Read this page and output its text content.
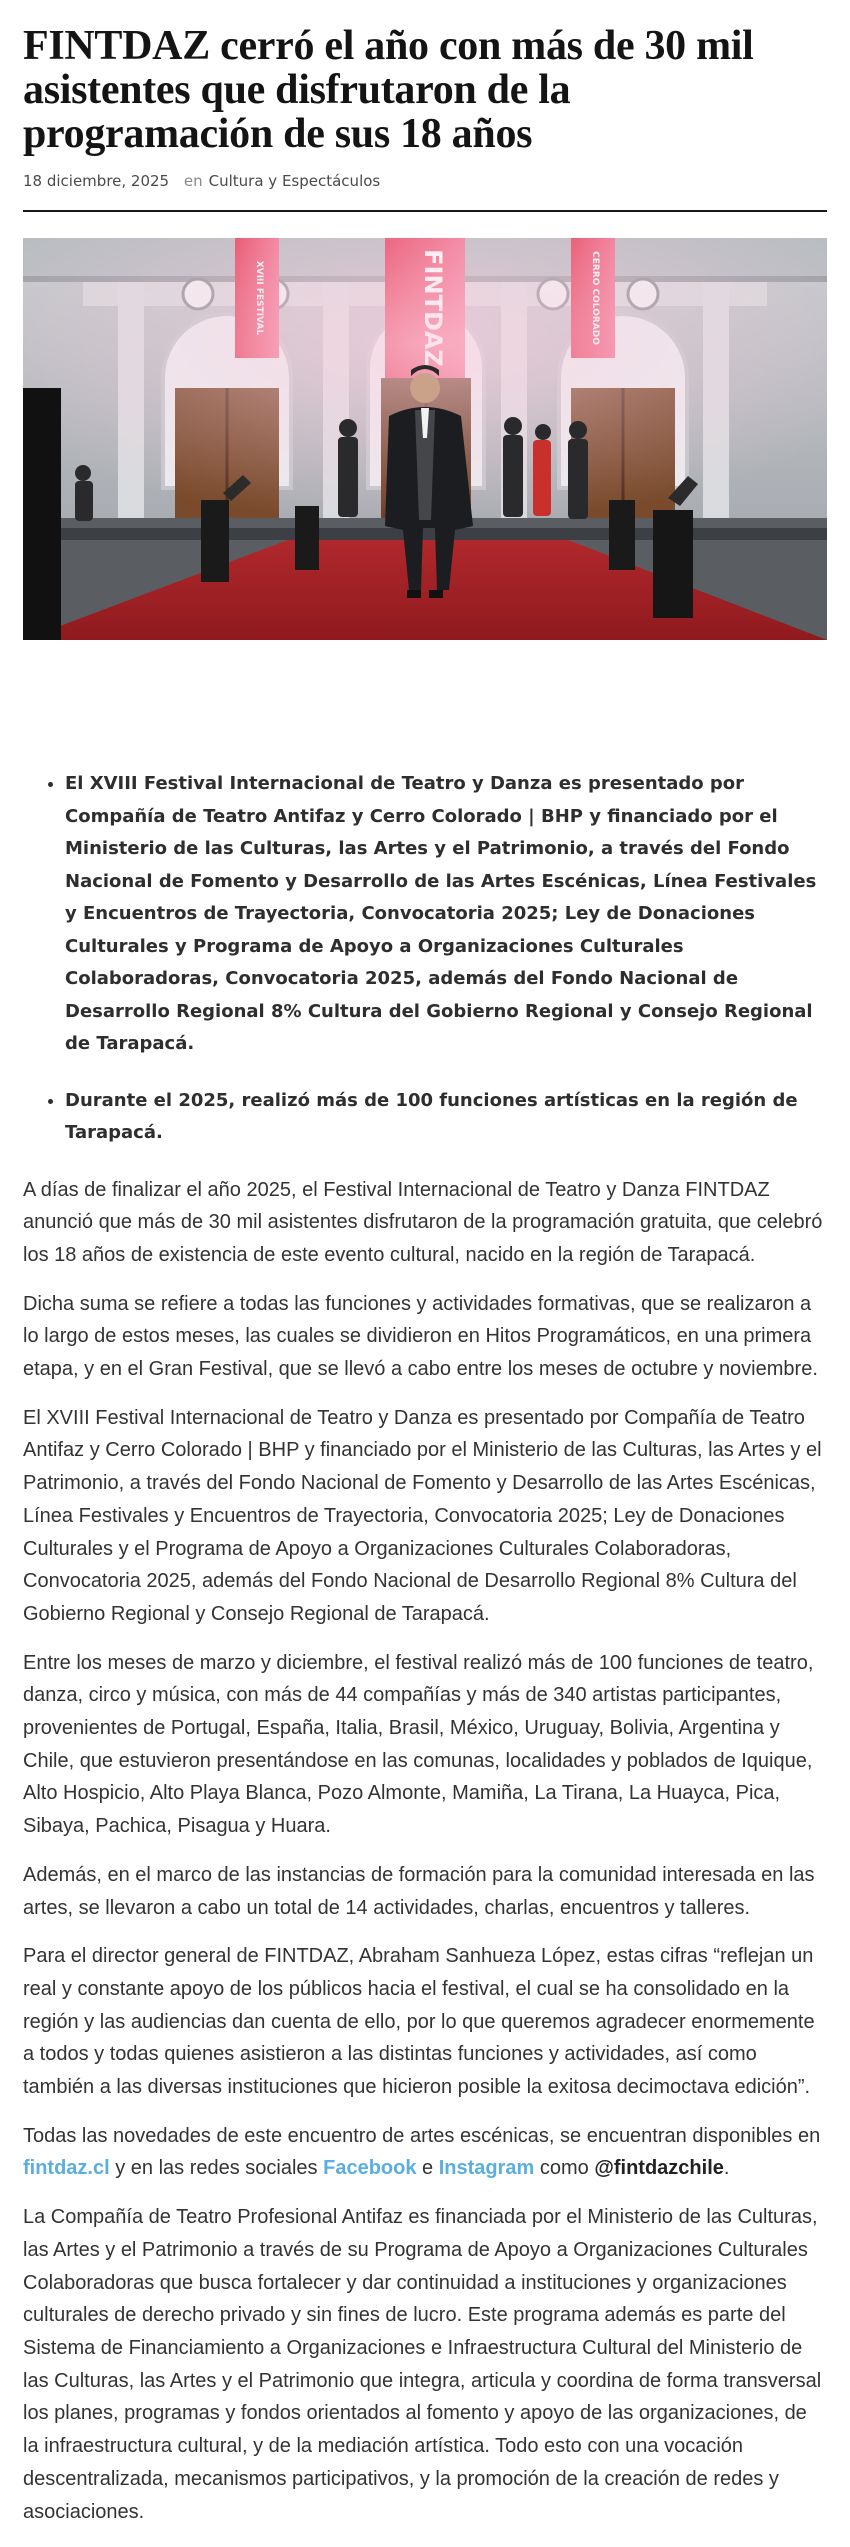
FINTDAZ cerró el año con más de 30 mil asistentes que disfrutaron de la programación de sus 18 años
18 diciembre, 2025 en Cultura y Espectáculos
• El XVIII Festival Internacional de Teatro y Danza es presentado por Compañía de Teatro Antifaz y Cerro Colorado | BHP y financiado por el Ministerio de las Culturas, las Artes y el Patrimonio, a través del Fondo Nacional de Fomento y Desarrollo de las Artes Escénicas, Línea Festivales y Encuentros de Trayectoria, Convocatoria 2025; Ley de Donaciones Culturales y Programa de Apoyo a Organizaciones Culturales Colaboradoras, Convocatoria 2025, además del Fondo Nacional de Desarrollo Regional 8% Cultura del Gobierno Regional y Consejo Regional de Tarapacá.
• Durante el 2025, realizó más de 100 funciones artísticas en la región de Tarapacá.

A días de finalizar el año 2025, el Festival Internacional de Teatro y Danza FINTDAZ anunció que más de 30 mil asistentes disfrutaron de la programación gratuita, que celebró los 18 años de existencia de este evento cultural, nacido en la región de Tarapacá.

Dicha suma se refiere a todas las funciones y actividades formativas, que se realizaron a lo largo de estos meses, las cuales se dividieron en Hitos Programáticos, en una primera etapa, y en el Gran Festival, que se llevó a cabo entre los meses de octubre y noviembre.

El XVIII Festival Internacional de Teatro y Danza es presentado por Compañía de Teatro Antifaz y Cerro Colorado | BHP y financiado por el Ministerio de las Culturas, las Artes y el Patrimonio, a través del Fondo Nacional de Fomento y Desarrollo de las Artes Escénicas, Línea Festivales y Encuentros de Trayectoria, Convocatoria 2025; Ley de Donaciones Culturales y el Programa de Apoyo a Organizaciones Culturales Colaboradoras, Convocatoria 2025, además del Fondo Nacional de Desarrollo Regional 8% Cultura del Gobierno Regional y Consejo Regional de Tarapacá.

Entre los meses de marzo y diciembre, el festival realizó más de 100 funciones de teatro, danza, circo y música, con más de 44 compañías y más de 340 artistas participantes, provenientes de Portugal, España, Italia, Brasil, México, Uruguay, Bolivia, Argentina y Chile, que estuvieron presentándose en las comunas, localidades y poblados de Iquique, Alto Hospicio, Alto Playa Blanca, Pozo Almonte, Mamiña, La Tirana, La Huayca, Pica, Sibaya, Pachica, Pisagua y Huara.

Además, en el marco de las instancias de formación para la comunidad interesada en las artes, se llevaron a cabo un total de 14 actividades, charlas, encuentros y talleres.

Para el director general de FINTDAZ, Abraham Sanhueza López, estas cifras “reflejan un real y constante apoyo de los públicos hacia el festival, el cual se ha consolidado en la región y las audiencias dan cuenta de ello, por lo que queremos agradecer enormemente a todos y todas quienes asistieron a las distintas funciones y actividades, así como también a las diversas instituciones que hicieron posible la exitosa decimoctava edición”.

Todas las novedades de este encuentro de artes escénicas, se encuentran disponibles en fintdaz.cl y en las redes sociales Facebook e Instagram como @fintdazchile.

La Compañía de Teatro Profesional Antifaz es financiada por el Ministerio de las Culturas, las Artes y el Patrimonio a través de su Programa de Apoyo a Organizaciones Culturales Colaboradoras que busca fortalecer y dar continuidad a instituciones y organizaciones culturales de derecho privado y sin fines de lucro. Este programa además es parte del Sistema de Financiamiento a Organizaciones e Infraestructura Cultural del Ministerio de las Culturas, las Artes y el Patrimonio que integra, articula y coordina de forma transversal los planes, programas y fondos orientados al fomento y apoyo de las organizaciones, de la infraestructura cultural, y de la mediación artística. Todo esto con una vocación descentralizada, mecanismos participativos, y la promoción de la creación de redes y asociaciones.
